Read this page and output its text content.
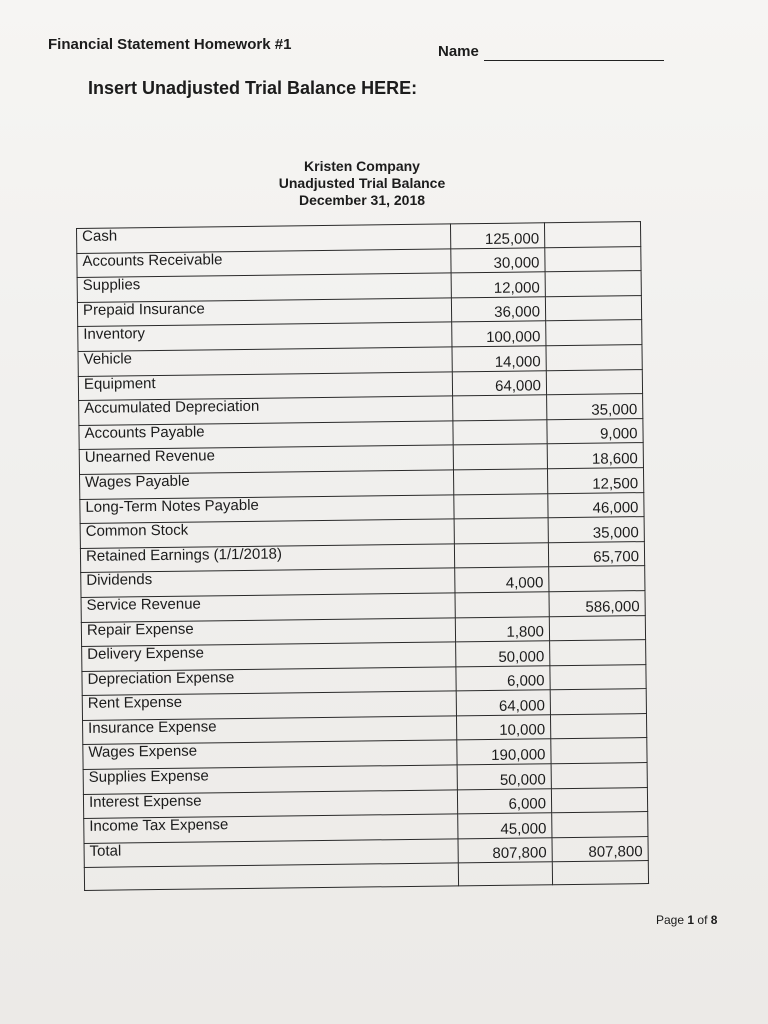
Financial Statement Homework #1	Name
Insert Unadjusted Trial Balance HERE:
Kristen Company
Unadjusted Trial Balance
December 31, 2018
Cash	125,000	
Accounts Receivable	30,000	
Supplies	12,000	
Prepaid Insurance	36,000	
Inventory	100,000	
Vehicle	14,000	
Equipment	64,000	
Accumulated Depreciation		35,000
Accounts Payable		9,000
Unearned Revenue		18,600
Wages Payable		12,500
Long-Term Notes Payable		46,000
Common Stock		35,000
Retained Earnings (1/1/2018)		65,700
Dividends	4,000	
Service Revenue		586,000
Repair Expense	1,800	
Delivery Expense	50,000	
Depreciation Expense	6,000	
Rent Expense	64,000	
Insurance Expense	10,000	
Wages Expense	190,000	
Supplies Expense	50,000	
Interest Expense	6,000	
Income Tax Expense	45,000	
Total	807,800	807,800

Page 1 of 8
